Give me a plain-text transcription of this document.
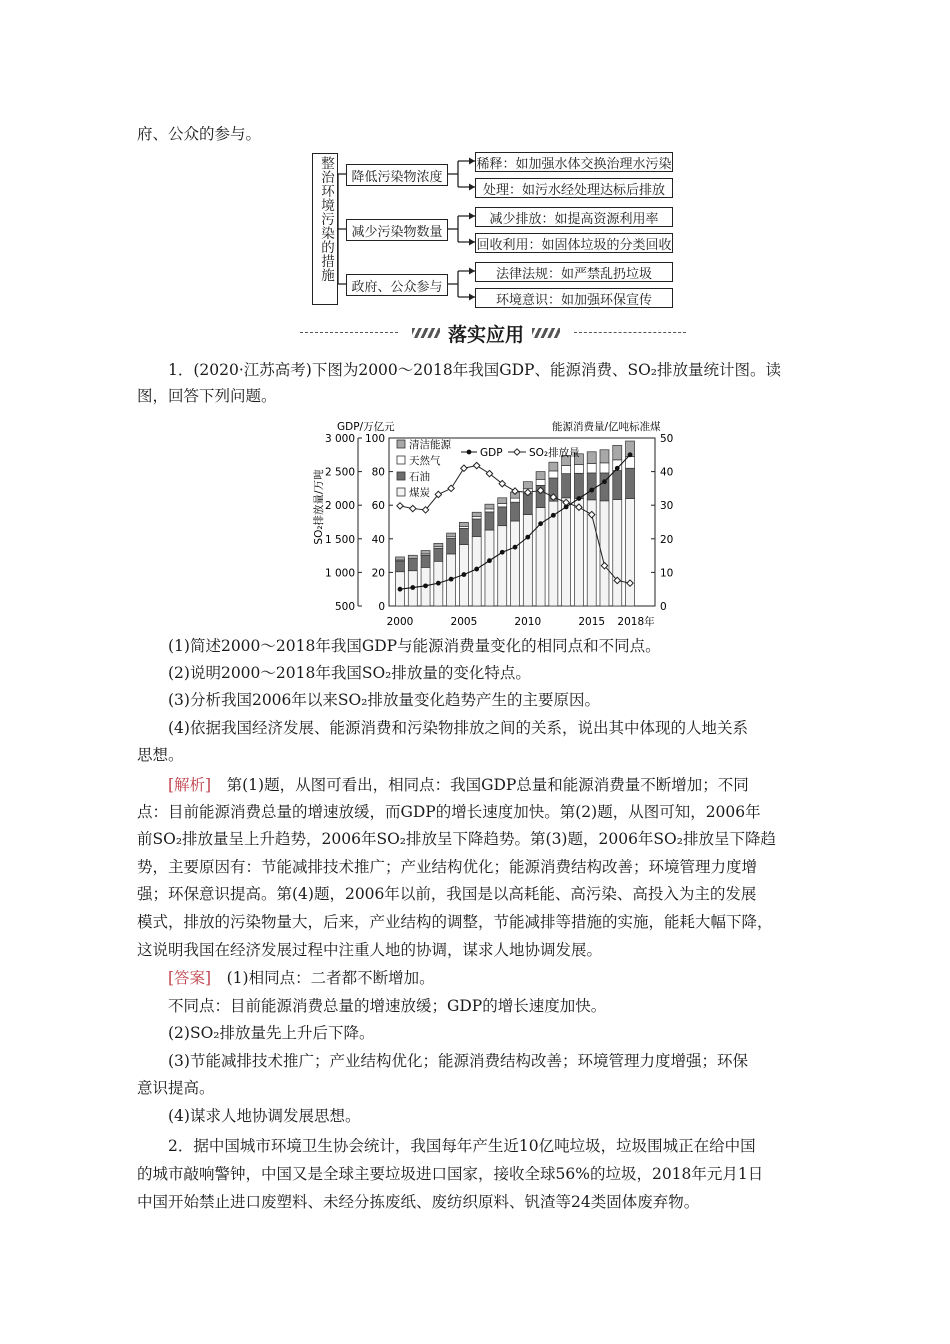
府、公众的参与。
整治环境污染的措施	降低污染物浓度
减少污染物数量
政府、公众参与
稀释：如加强水体交换治理水污染
处理：如污水经处理达标后排放
减少排放：如提高资源利用率
回收利用：如固体垃圾的分类回收
法律法规：如严禁乱扔垃圾
环境意识：如加强环保宣传
落实应用
1．(2020·江苏高考)下图为2000～2018年我国GDP、能源消费、SO₂排放量统计图。读
图，回答下列问题。
3 000 100	50
2 500 80	40
2 000 60	30
1 500 40	20
1 000 20	10
500 0	0
2000	2005	2010	2015 2018年
GDP/万亿元	能源消费量/亿吨标准煤
SO₂排放量/万吨
清洁能源
天然气
石油
煤炭
GDP	SO₂排放量
(1)简述2000～2018年我国GDP与能源消费量变化的相同点和不同点。
(2)说明2000～2018年我国SO₂排放量的变化特点。
(3)分析我国2006年以来SO₂排放量变化趋势产生的主要原因。
(4)依据我国经济发展、能源消费和污染物排放之间的关系，说出其中体现的人地关系
思想。
[解析]　第(1)题，从图可看出，相同点：我国GDP总量和能源消费量不断增加；不同
点：目前能源消费总量的增速放缓，而GDP的增长速度加快。第(2)题，从图可知，2006年
前SO₂排放量呈上升趋势，2006年SO₂排放呈下降趋势。第(3)题，2006年SO₂排放呈下降趋
势，主要原因有：节能减排技术推广；产业结构优化；能源消费结构改善；环境管理力度增
强；环保意识提高。第(4)题，2006年以前，我国是以高耗能、高污染、高投入为主的发展
模式，排放的污染物量大，后来，产业结构的调整，节能减排等措施的实施，能耗大幅下降，
这说明我国在经济发展过程中注重人地的协调，谋求人地协调发展。
[答案]　(1)相同点：二者都不断增加。
不同点：目前能源消费总量的增速放缓；GDP的增长速度加快。
(2)SO₂排放量先上升后下降。
(3)节能减排技术推广；产业结构优化；能源消费结构改善；环境管理力度增强；环保
意识提高。
(4)谋求人地协调发展思想。
2．据中国城市环境卫生协会统计，我国每年产生近10亿吨垃圾，垃圾围城正在给中国
的城市敲响警钟，中国又是全球主要垃圾进口国家，接收全球56%的垃圾，2018年元月1日
中国开始禁止进口废塑料、未经分拣废纸、废纺织原料、钒渣等24类固体废弃物。
